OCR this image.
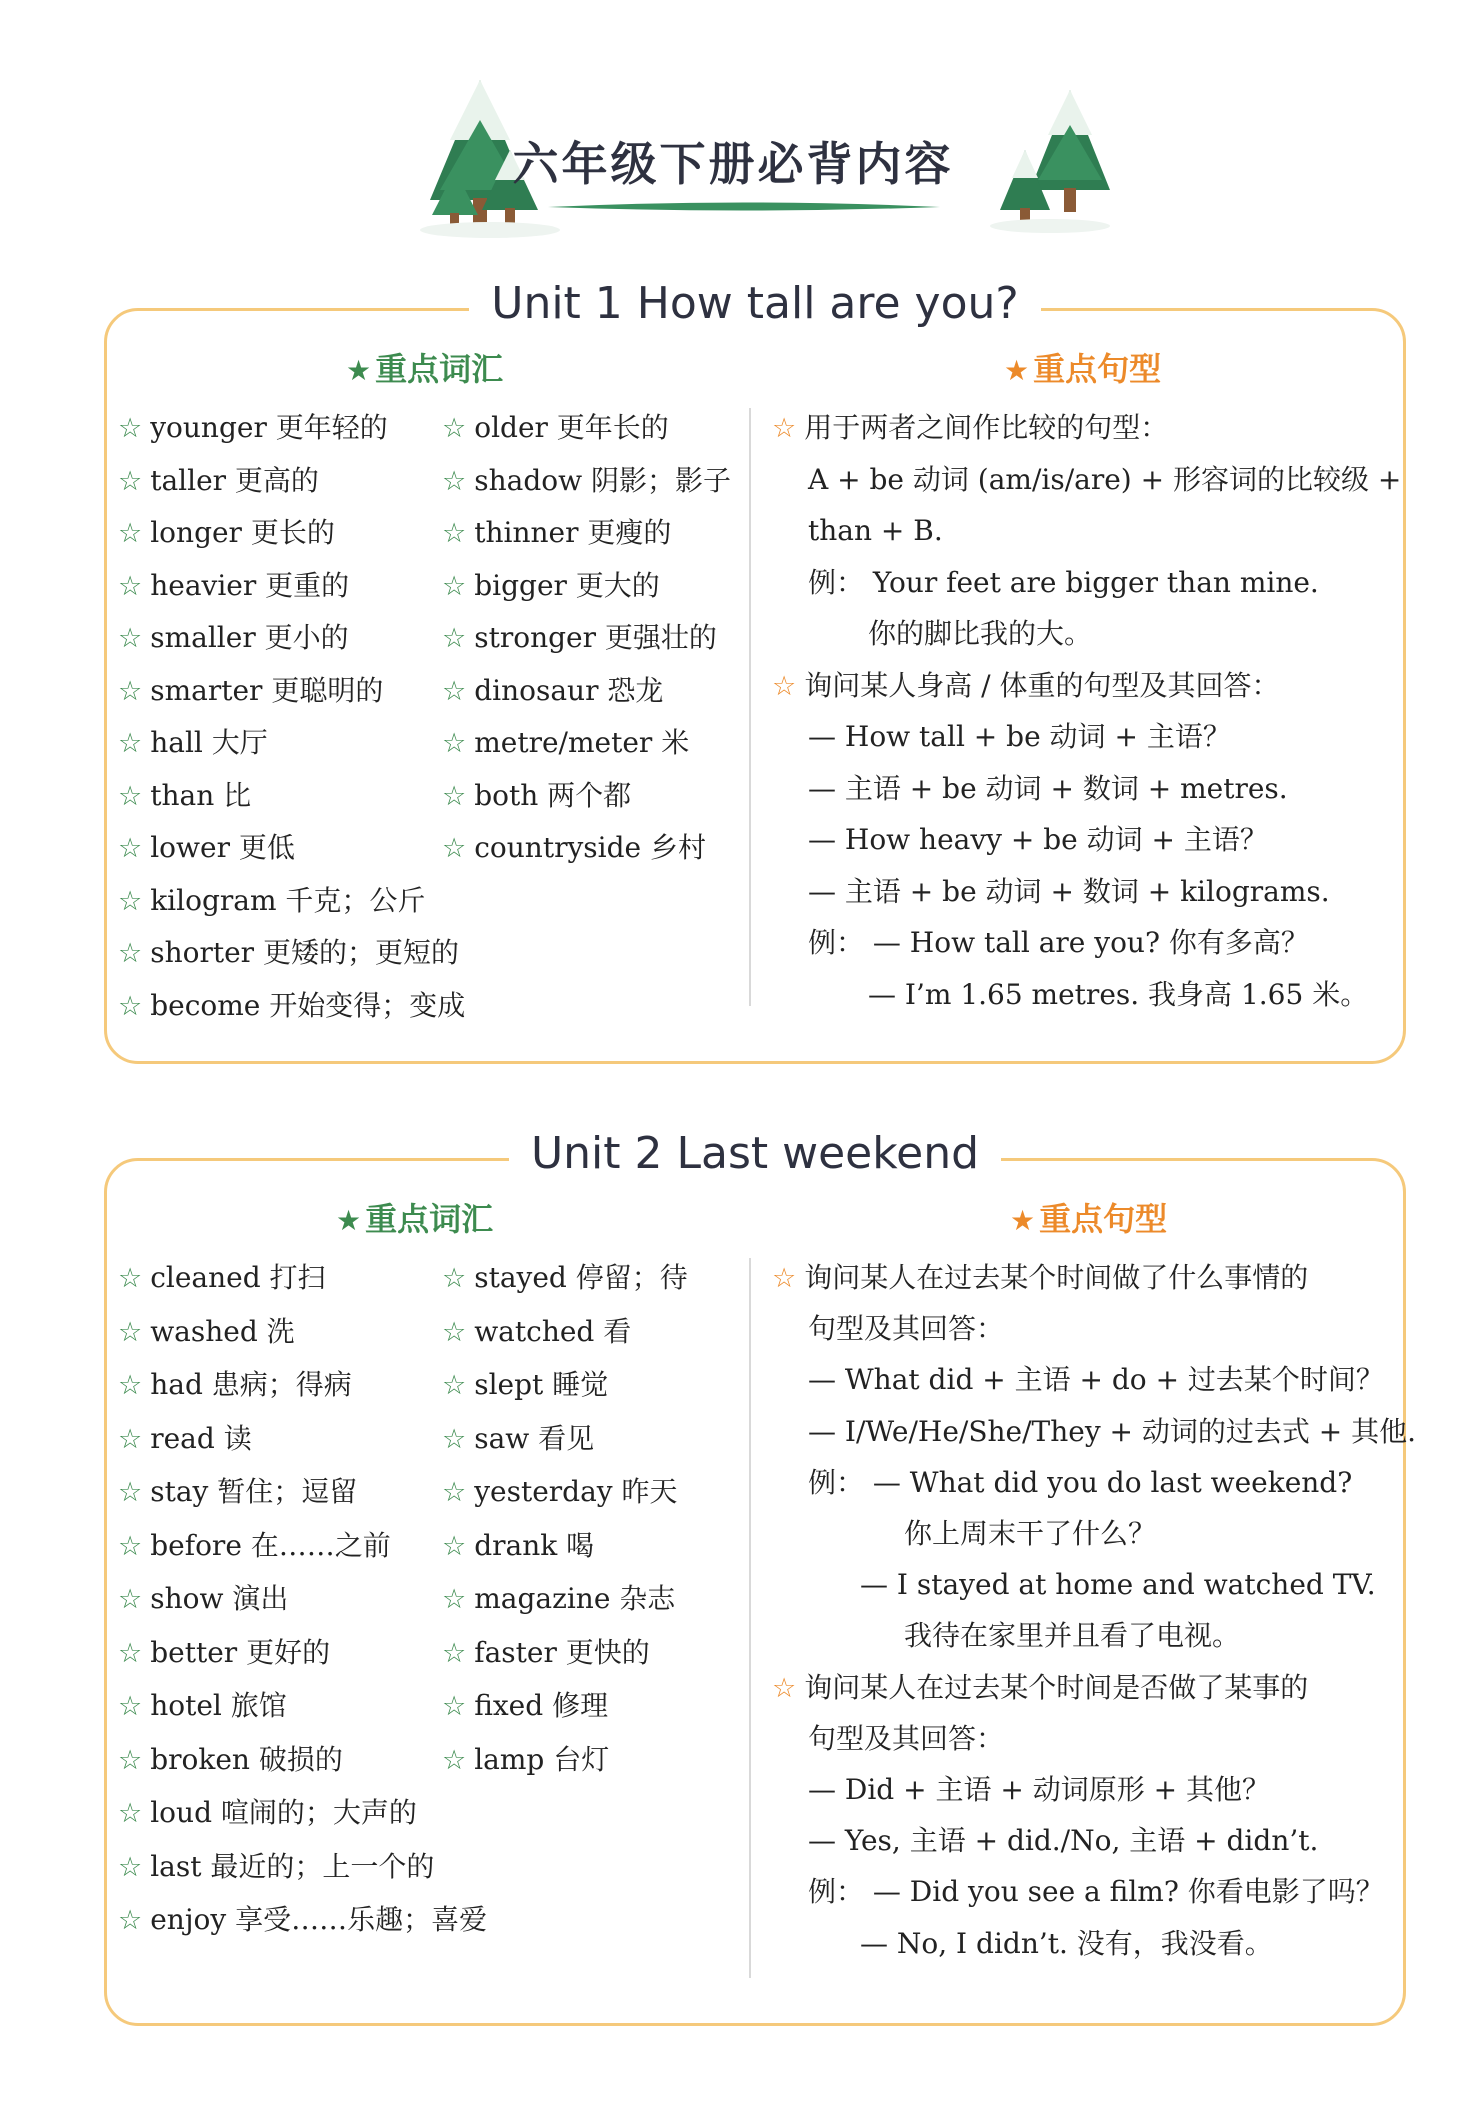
六年级下册必背内容
Unit 1 How tall are you?
★ 重点词汇	★ 重点句型
☆ younger 更年轻的
☆ taller 更高的
☆ longer 更长的
☆ heavier 更重的
☆ smaller 更小的
☆ smarter 更聪明的
☆ hall 大厅
☆ than 比
☆ lower 更低
☆ kilogram 千克；公斤
☆ shorter 更矮的；更短的
☆ become 开始变得；变成
☆ older 更年长的
☆ shadow 阴影；影子
☆ thinner 更瘦的
☆ bigger 更大的
☆ stronger 更强壮的
☆ dinosaur 恐龙
☆ metre/meter 米
☆ both 两个都
☆ countryside 乡村
☆ 用于两者之间作比较的句型：
A + be 动词 (am/is/are) + 形容词的比较级 +
than + B.
例： Your feet are bigger than mine.
你的脚比我的大。
☆ 询问某人身高 / 体重的句型及其回答：
— How tall + be 动词 + 主语？
— 主语 + be 动词 + 数词 + metres.
— How heavy + be 动词 + 主语？
— 主语 + be 动词 + 数词 + kilograms.
例： — How tall are you? 你有多高？
— I’m 1.65 metres. 我身高 1.65 米。
Unit 2 Last weekend
★ 重点词汇	★ 重点句型
☆ cleaned 打扫
☆ washed 洗
☆ had 患病；得病
☆ read 读
☆ stay 暂住；逗留
☆ before 在……之前
☆ show 演出
☆ better 更好的
☆ hotel 旅馆
☆ broken 破损的
☆ loud 喧闹的；大声的
☆ last 最近的；上一个的
☆ enjoy 享受……乐趣；喜爱
☆ stayed 停留；待
☆ watched 看
☆ slept 睡觉
☆ saw 看见
☆ yesterday 昨天
☆ drank 喝
☆ magazine 杂志
☆ faster 更快的
☆ fixed 修理
☆ lamp 台灯
☆ 询问某人在过去某个时间做了什么事情的
句型及其回答：
— What did + 主语 + do + 过去某个时间？
— I/We/He/She/They + 动词的过去式 + 其他.
例： — What did you do last weekend?
你上周末干了什么？
— I stayed at home and watched TV.
我待在家里并且看了电视。
☆ 询问某人在过去某个时间是否做了某事的
句型及其回答：
— Did + 主语 + 动词原形 + 其他？
— Yes, 主语 + did./No, 主语 + didn’t.
例： — Did you see a film? 你看电影了吗？
— No, I didn’t. 没有，我没看。
